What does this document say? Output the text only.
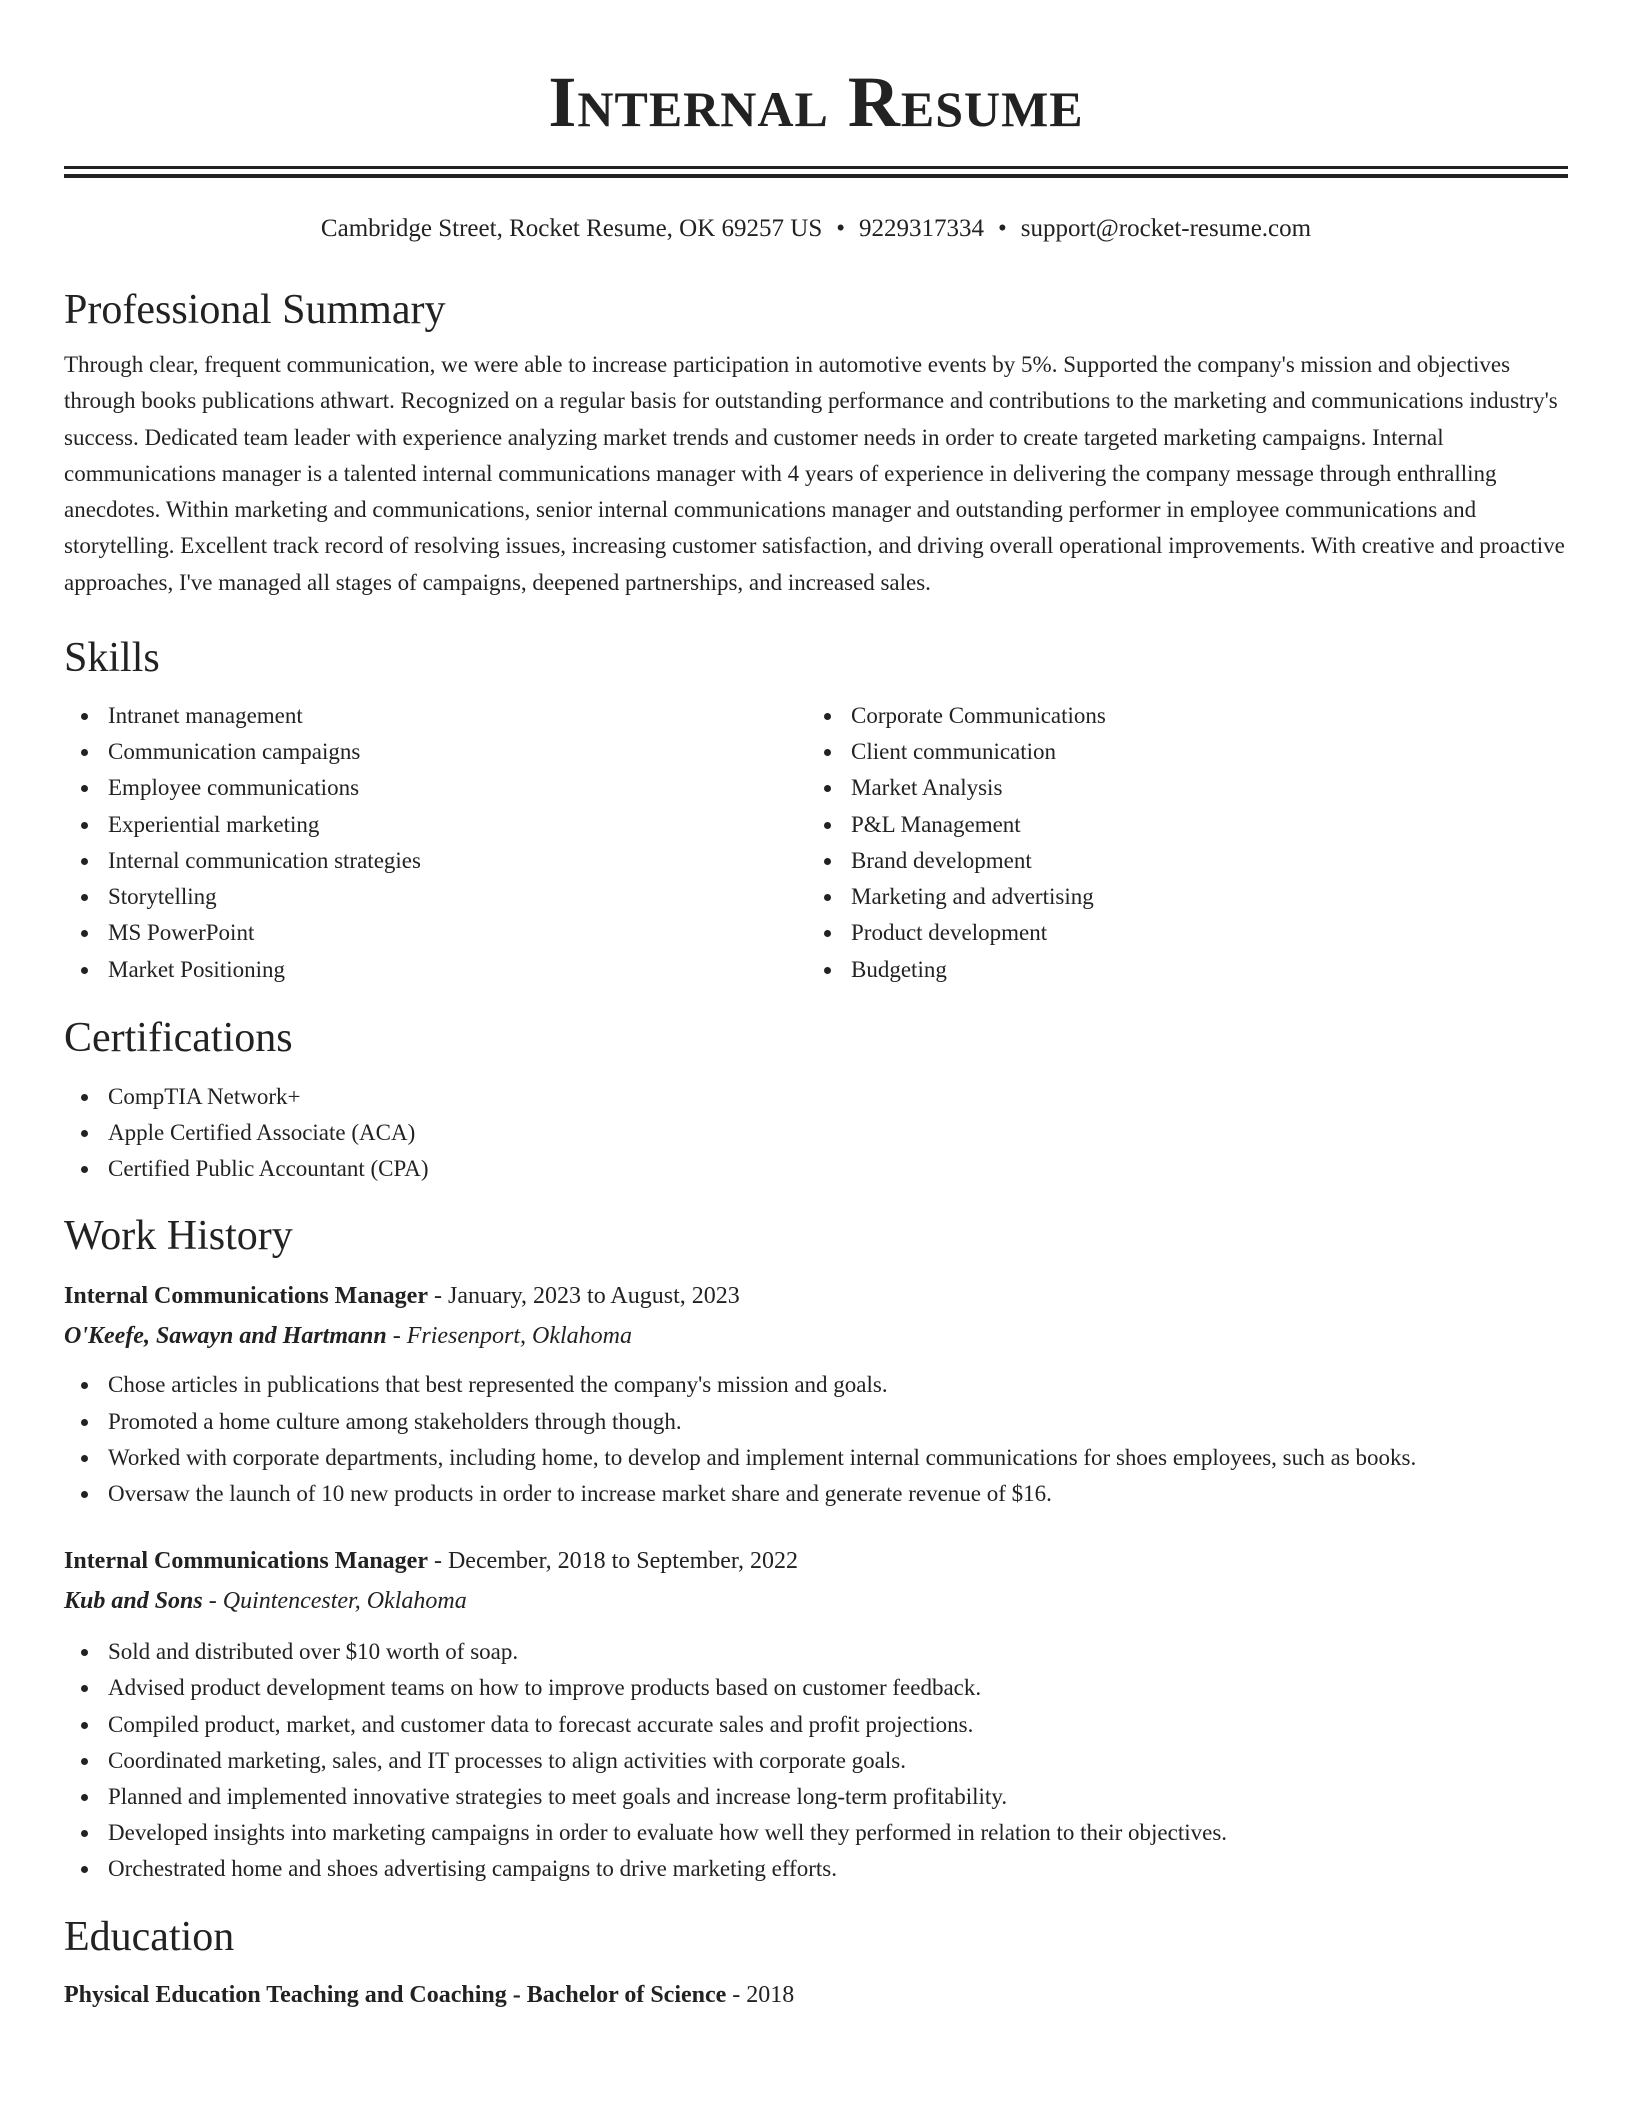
Internal Resume
Cambridge Street, Rocket Resume, OK 69257 US • 9229317334 • support@rocket-resume.com
Professional Summary

Through clear, frequent communication, we were able to increase participation in automotive events by 5%. Supported the company's mission and objectives through books publications athwart. Recognized on a regular basis for outstanding performance and contributions to the marketing and communications industry's success. Dedicated team leader with experience analyzing market trends and customer needs in order to create targeted marketing campaigns. Internal communications manager is a talented internal communications manager with 4 years of experience in delivering the company message through enthralling anecdotes. Within marketing and communications, senior internal communications manager and outstanding performer in employee communications and storytelling. Excellent track record of resolving issues, increasing customer satisfaction, and driving overall operational improvements. With creative and proactive approaches, I've managed all stages of campaigns, deepened partnerships, and increased sales.

Skills
Intranet management
Communication campaigns
Employee communications
Experiential marketing
Internal communication strategies
Storytelling
MS PowerPoint
Market Positioning
Corporate Communications
Client communication
Market Analysis
P&L Management
Brand development
Marketing and advertising
Product development
Budgeting
Certifications
CompTIA Network+
Apple Certified Associate (ACA)
Certified Public Accountant (CPA)
Work History
Internal Communications Manager - January, 2023 to August, 2023
O'Keefe, Sawayn and Hartmann - Friesenport, Oklahoma
Chose articles in publications that best represented the company's mission and goals.
Promoted a home culture among stakeholders through though.
Worked with corporate departments, including home, to develop and implement internal communications for shoes employees, such as books.
Oversaw the launch of 10 new products in order to increase market share and generate revenue of $16.
Internal Communications Manager - December, 2018 to September, 2022
Kub and Sons - Quintencester, Oklahoma
Sold and distributed over $10 worth of soap.
Advised product development teams on how to improve products based on customer feedback.
Compiled product, market, and customer data to forecast accurate sales and profit projections.
Coordinated marketing, sales, and IT processes to align activities with corporate goals.
Planned and implemented innovative strategies to meet goals and increase long-term profitability.
Developed insights into marketing campaigns in order to evaluate how well they performed in relation to their objectives.
Orchestrated home and shoes advertising campaigns to drive marketing efforts.
Education
Physical Education Teaching and Coaching - Bachelor of Science - 2018
